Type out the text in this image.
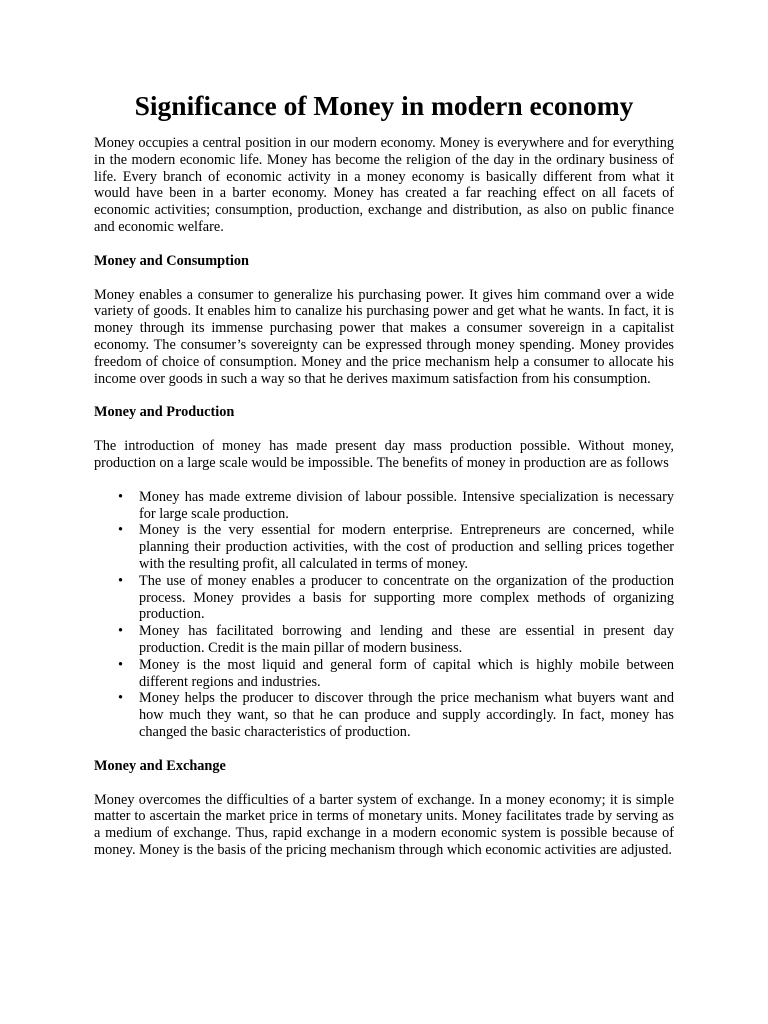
Significance of Money in modern economy

Money occupies a central position in our modern economy. Money is everywhere and for everything in the modern economic life. Money has become the religion of the day in the ordinary business of life. Every branch of economic activity in a money economy is basically different from what it would have been in a barter economy. Money has created a far reaching effect on all facets of economic activities; consumption, production, exchange and distribution, as also on public finance and economic welfare.

Money and Consumption

Money enables a consumer to generalize his purchasing power. It gives him command over a wide variety of goods. It enables him to canalize his purchasing power and get what he wants. In fact, it is money through its immense purchasing power that makes a consumer sovereign in a capitalist economy. The consumer’s sovereignty can be expressed through money spending. Money provides freedom of choice of consumption. Money and the price mechanism help a consumer to allocate his income over goods in such a way so that he derives maximum satisfaction from his consumption.

Money and Production

The introduction of money has made present day mass production possible. Without money, production on a large scale would be impossible. The benefits of money in production are as follows

• Money has made extreme division of labour possible. Intensive specialization is necessary for large scale production.
• Money is the very essential for modern enterprise. Entrepreneurs are concerned, while planning their production activities, with the cost of production and selling prices together with the resulting profit, all calculated in terms of money.
• The use of money enables a producer to concentrate on the organization of the production process. Money provides a basis for supporting more complex methods of organizing production.
• Money has facilitated borrowing and lending and these are essential in present day production. Credit is the main pillar of modern business.
• Money is the most liquid and general form of capital which is highly mobile between different regions and industries.
• Money helps the producer to discover through the price mechanism what buyers want and how much they want, so that he can produce and supply accordingly. In fact, money has changed the basic characteristics of production.
Money and Exchange

Money overcomes the difficulties of a barter system of exchange. In a money economy; it is simple matter to ascertain the market price in terms of monetary units. Money facilitates trade by serving as a medium of exchange. Thus, rapid exchange in a modern economic system is possible because of money. Money is the basis of the pricing mechanism through which economic activities are adjusted.
